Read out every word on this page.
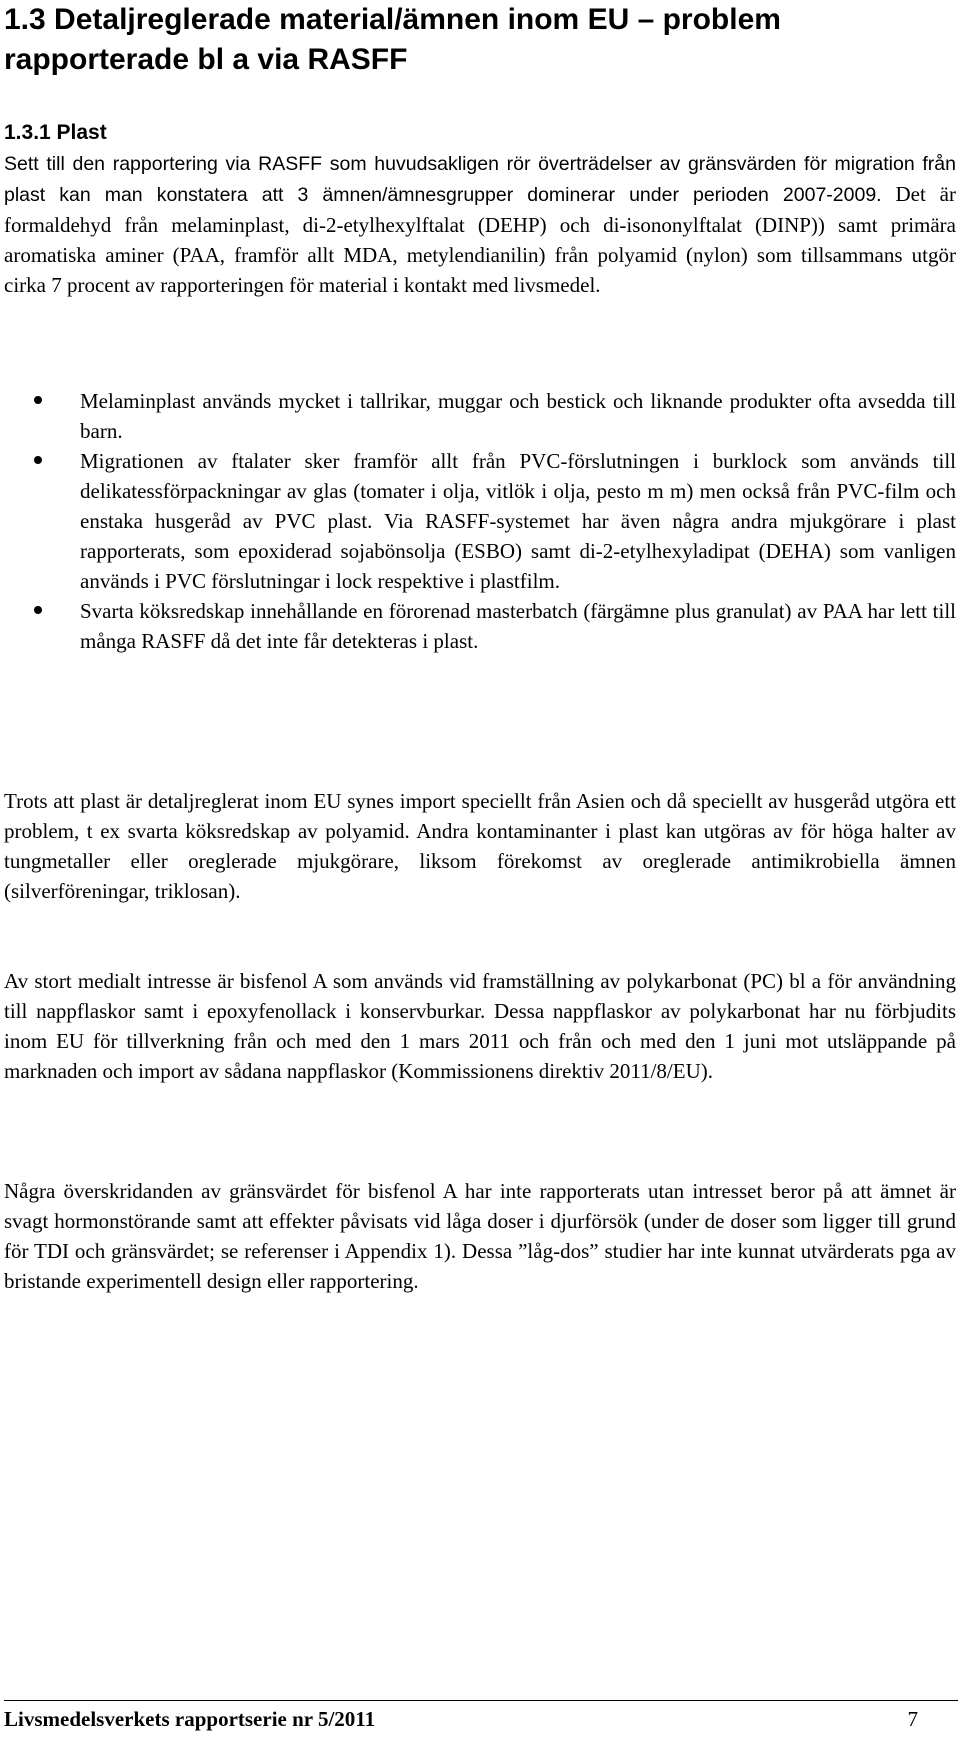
1.3 Detaljreglerade material/ämnen inom EU – problem rapporterade bl a via RASFF
1.3.1 Plast

Sett till den rapportering via RASFF som huvudsakligen rör överträdelser av gränsvärden för migration från plast kan man konstatera att 3 ämnen/ämnesgrupper dominerar under perioden 2007-2009. Det är formaldehyd från melaminplast, di-2-etylhexylftalat (DEHP) och di-isononylftalat (DINP)) samt primära aromatiska aminer (PAA, framför allt MDA, metylendianilin) från polyamid (nylon) som tillsammans utgör cirka 7 procent av rapporteringen för material i kontakt med livsmedel.

Melaminplast används mycket i tallrikar, muggar och bestick och liknande produkter ofta avsedda till barn.
Migrationen av ftalater sker framför allt från PVC-förslutningen i burklock som används till delikatessförpackningar av glas (tomater i olja, vitlök i olja, pesto m m) men också från PVC-film och enstaka husgeråd av PVC plast. Via RASFF-systemet har även några andra mjukgörare i plast rapporterats, som epoxiderad sojabönsolja (ESBO) samt di-2-etylhexyladipat (DEHA) som vanligen används i PVC förslutningar i lock respektive i plastfilm.
Svarta köksredskap innehållande en förorenad masterbatch (färgämne plus granulat) av PAA har lett till många RASFF då det inte får detekteras i plast.

Trots att plast är detaljreglerat inom EU synes import speciellt från Asien och då speciellt av husgeråd utgöra ett problem, t ex svarta köksredskap av polyamid. Andra kontaminanter i plast kan utgöras av för höga halter av tungmetaller eller oreglerade mjukgörare, liksom förekomst av oreglerade antimikrobiella ämnen (silverföreningar, triklosan).

Av stort medialt intresse är bisfenol A som används vid framställning av polykarbonat (PC) bl a för användning till nappflaskor samt i epoxyfenollack i konservburkar. Dessa nappflaskor av polykarbonat har nu förbjudits inom EU för tillverkning från och med den 1 mars 2011 och från och med den 1 juni mot utsläppande på marknaden och import av sådana nappflaskor (Kommissionens direktiv 2011/8/EU).

Några överskridanden av gränsvärdet för bisfenol A har inte rapporterats utan intresset beror på att ämnet är svagt hormonstörande samt att effekter påvisats vid låga doser i djurförsök (under de doser som ligger till grund för TDI och gränsvärdet; se referenser i Appendix 1). Dessa ”låg-dos” studier har inte kunnat utvärderats pga av bristande experimentell design eller rapportering.

Livsmedelsverkets rapportserie nr 5/2011	7
